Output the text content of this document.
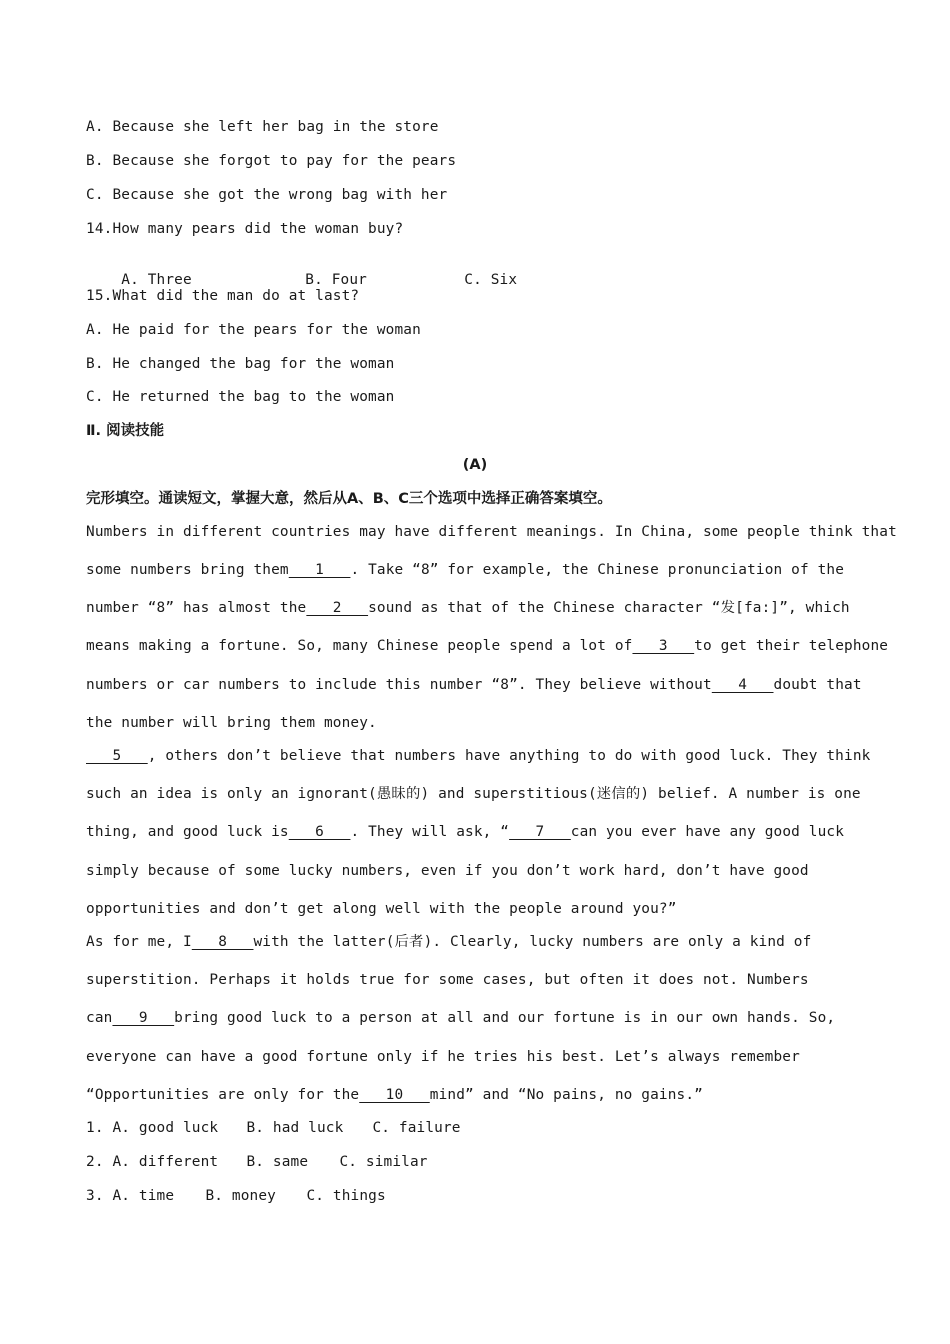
A. Because she left her bag in the store
B. Because she forgot to pay for the pears
C. Because she got the wrong bag with her
14.How many pears did the woman buy?

A. Three	B. Four	C. Six

15.What did the man do at last?
A. He paid for the pears for the woman
B. He changed the bag for the woman
C. He returned the bag to the woman
Ⅱ. 阅读技能
(A)
完形填空。通读短文，掌握大意，然后从A、B、C三个选项中选择正确答案填空。
Numbers in different countries may have different meanings. In China, some people think that
some numbers bring them   1   . Take “8” for example, the Chinese pronunciation of the
number “8” has almost the   2   sound as that of the Chinese character “发[fa:]”, which
means making a fortune. So, many Chinese people spend a lot of   3   to get their telephone
numbers or car numbers to include this number “8”. They believe without   4   doubt that
the number will bring them money.
5   , others don’t believe that numbers have anything to do with good luck. They think
such an idea is only an ignorant(愚昧的) and superstitious(迷信的) belief. A number is one
thing, and good luck is   6   . They will ask, “   7   can you ever have any good luck
simply because of some lucky numbers, even if you don’t work hard, don’t have good
opportunities and don’t get along well with the people around you?”
As for me, I   8   with the latter(后者). Clearly, lucky numbers are only a kind of
superstition. Perhaps it holds true for some cases, but often it does not. Numbers
can   9   bring good luck to a person at all and our fortune is in our own hands. So,
everyone can have a good fortune only if he tries his best. Let’s always remember
“Opportunities are only for the   10   mind” and “No pains, no gains.”
1. A. good luck B. had luck C. failure
2. A. different B. same C. similar
3. A. time B. money C. things
